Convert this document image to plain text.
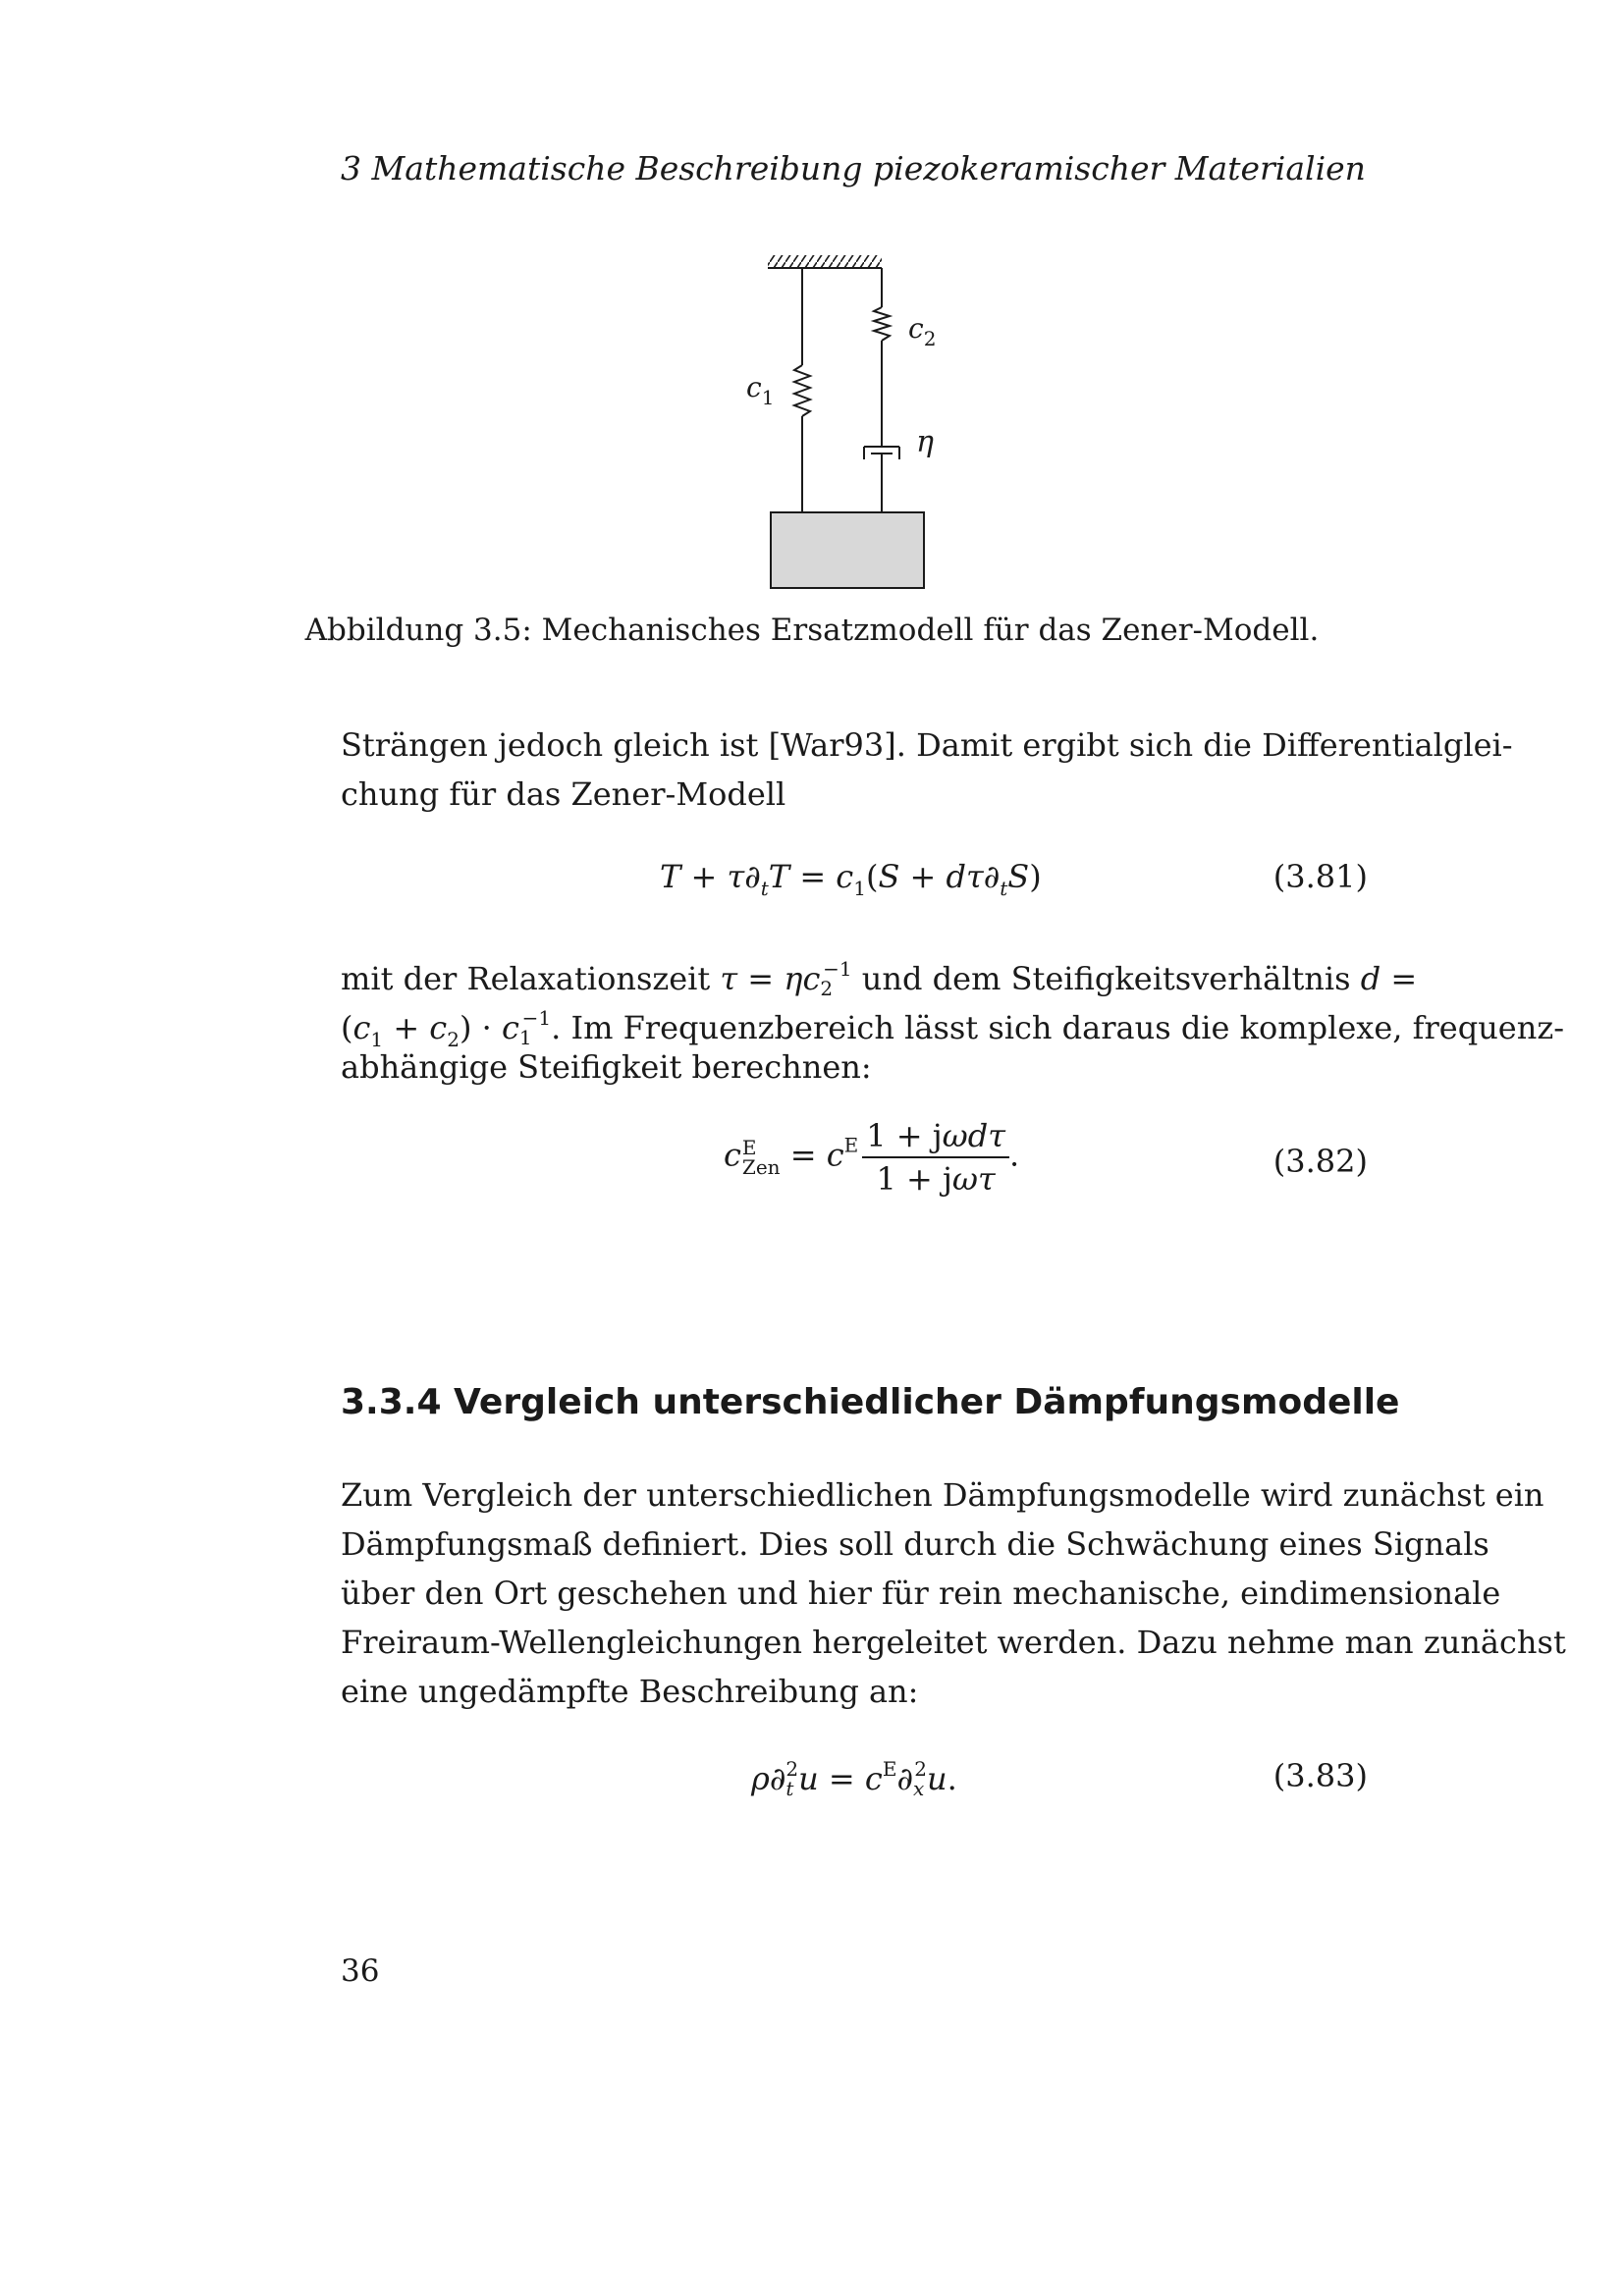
3 Mathematische Beschreibung piezokeramischer Materialien
$c_1$
$c_2$
η
Abbildung 3.5: Mechanisches Ersatzmodell für das Zener-Modell.
Strängen jedoch gleich ist [War93]. Damit ergibt sich die Differentialglei-
chung für das Zener-Modell
$T + \tau\partial_tT = c_1(S + d\tau\partial_tS)$	(3.81)
mit der Relaxationszeit $\tau = \eta c_2^{-1}$ und dem Steifigkeitsverhältnis d =
$(c_1 + c_2) \cdot c_1^{-1}$. Im Frequenzbereich lässt sich daraus die komplexe, frequenz-
abhängige Steifigkeit berechnen:
c E
Zen = $c^E \frac{\text{1 + jωdτ}}{\text{1 + jωτ}}$ .	(3.82)
3.3.4 Vergleich unterschiedlicher Dämpfungsmodelle
Zum Vergleich der unterschiedlichen Dämpfungsmodelle wird zunächst ein
Dämpfungsmaß definiert. Dies soll durch die Schwächung eines Signals
über den Ort geschehen und hier für rein mechanische, eindimensionale
Freiraum-Wellengleichungen hergeleitet werden. Dazu nehme man zunächst
eine ungedämpfte Beschreibung an:
$\rho\partial_t^2u = c^E\partial_x^2u$.	(3.83)
36
